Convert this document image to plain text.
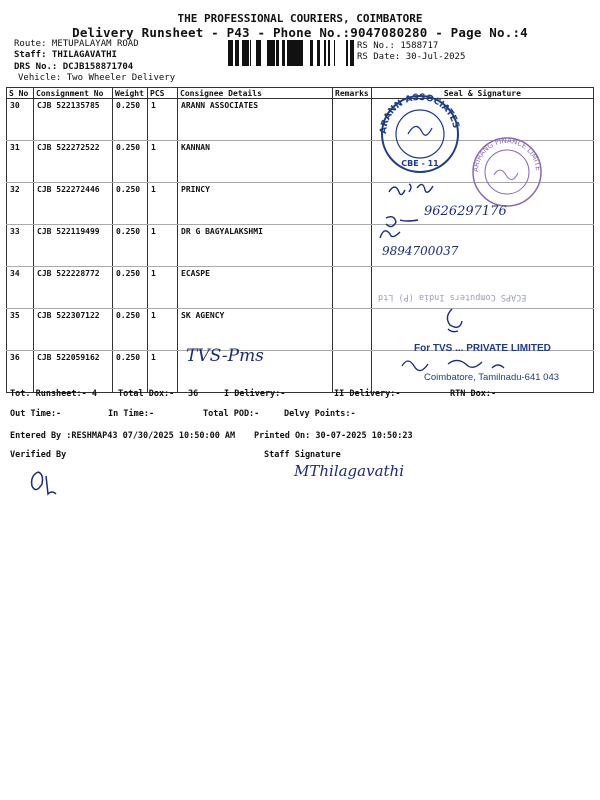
THE PROFESSIONAL COURIERS, COIMBATORE
Delivery Runsheet - P43 - Phone No.:9047080280 - Page No.:4
Route: METUPALAYAM ROAD
Staff: THILAGAVATHI
DRS No.: DCJB158871704
Vehicle: Two Wheeler Delivery
RS No.: 1588717
RS Date: 30-Jul-2025
S No	Consignment No	Weight	PCS	Consignee Details	Remarks	Seal & Signature
30	CJB 522135785	0.250	1	ARANN ASSOCIATES		
31	CJB 522272522	0.250	1	KANNAN		
32	CJB 522272446	0.250	1	PRINCY		
33	CJB 522119499	0.250	1	DR G BAGYALAKSHMI		
34	CJB 522228772	0.250	1	ECASPE		
35	CJB 522307122	0.250	1	SK AGENCY		
36	CJB 522059162	0.250	1			
ARANN ASSOCIATES
CBE - 11
ARIRANG FINANCE LIMITED
9626297176
9894700037
ECAPS Computers India (P) Ltd
TVS-Pms	For TVS ... PRIVATE LIMITED
Coimbatore, Tamilnadu-641 043
Tot. Runsheet:- 4 Total Dox:- 36	I Delivery:-	II Delivery:-	RTN Dox:-
Out Time:-	In Time:-	Total POD:-	Delvy Points:-
Entered By :RESHMAP43 07/30/2025 10:50:00 AM Printed On: 30-07-2025 10:50:23
Verified By	Staff Signature
MThilagavathi
